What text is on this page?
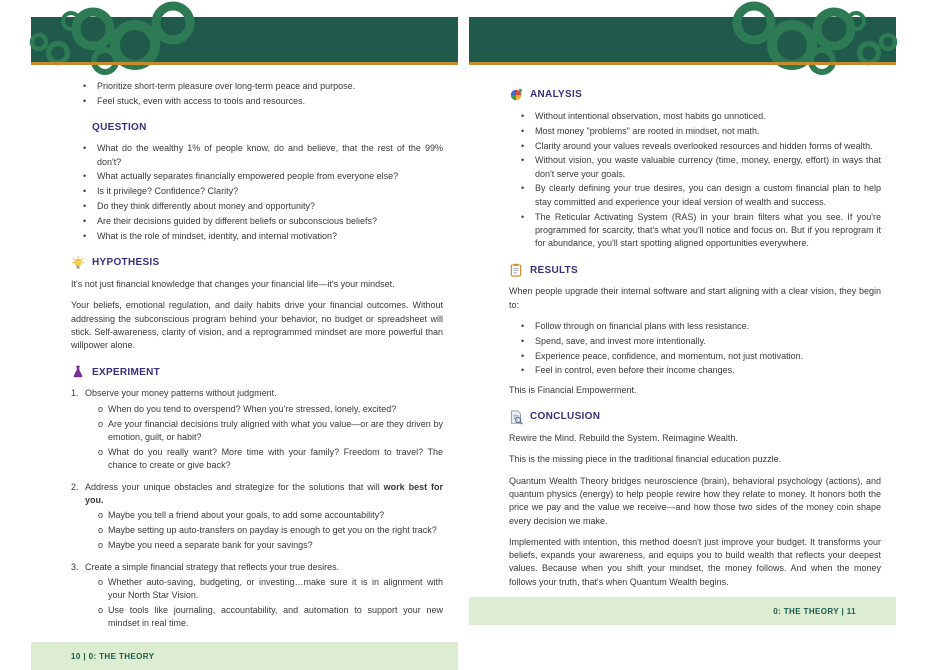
•	Prioritize short-term pleasure over long-term peace and purpose.
•	Feel stuck, even with access to tools and resources.
QUESTION
•	What do the wealthy 1% of people know, do and believe, that the rest of the 99% don't?
•	What actually separates financially empowered people from everyone else?
•	Is it privilege? Confidence? Clarity?
•	Do they think differently about money and opportunity?
•	Are their decisions guided by different beliefs or subconscious beliefs?
•	What is the role of mindset, identity, and internal motivation?
HYPOTHESIS

It's not just financial knowledge that changes your financial life—it's your mindset.

Your beliefs, emotional regulation, and daily habits drive your financial outcomes. Without addressing the subconscious program behind your behavior, no budget or spreadsheet will stick. Self-awareness, clarity of vision, and a reprogrammed mindset are more powerful than willpower alone.

EXPERIMENT
1. Observe your money patterns without judgment.
o When do you tend to overspend? When you're stressed, lonely, excited?
o Are your financial decisions truly aligned with what you value—or are they driven by emotion, guilt, or habit?
o What do you really want? More time with your family? Freedom to travel? The chance to create or give back?
2. Address your unique obstacles and strategize for the solutions that will work best for you.
o Maybe you tell a friend about your goals, to add some accountability?
o Maybe setting up auto-transfers on payday is enough to get you on the right track?
o Maybe you need a separate bank for your savings?
3. Create a simple financial strategy that reflects your true desires.
o Whether auto-saving, budgeting, or investing…make sure it is in alignment with your North Star Vision.
o Use tools like journaling, accountability, and automation to support your new mindset in real time.
10 | 0: THE THEORY
ANALYSIS
•	Without intentional observation, most habits go unnoticed.
•	Most money "problems" are rooted in mindset, not math.
•	Clarity around your values reveals overlooked resources and hidden forms of wealth.
•	Without vision, you waste valuable currency (time, money, energy, effort) in ways that don't serve your goals.
•	By clearly defining your true desires, you can design a custom financial plan to help stay committed and experience your ideal version of wealth and success.
•	The Reticular Activating System (RAS) in your brain filters what you see. If you're programmed for scarcity, that's what you'll notice and focus on. But if you reprogram it for abundance, you'll start spotting aligned opportunities everywhere.
RESULTS

When people upgrade their internal software and start aligning with a clear vision, they begin to:

•	Follow through on financial plans with less resistance.
•	Spend, save, and invest more intentionally.
•	Experience peace, confidence, and momentum, not just motivation.
•	Feel in control, even before their income changes.

This is Financial Empowerment.

CONCLUSION

Rewire the Mind. Rebuild the System. Reimagine Wealth.

This is the missing piece in the traditional financial education puzzle.

Quantum Wealth Theory bridges neuroscience (brain), behavioral psychology (actions), and quantum physics (energy) to help people rewire how they relate to money. It honors both the price we pay and the value we receive—and how those two sides of the money coin shape every decision we make.

Implemented with intention, this method doesn't just improve your budget. It transforms your beliefs, expands your awareness, and equips you to build wealth that reflects your deepest values. Because when you shift your mindset, the money follows. And when the money follows your truth, that's when Quantum Wealth begins.

0: THE THEORY | 11
